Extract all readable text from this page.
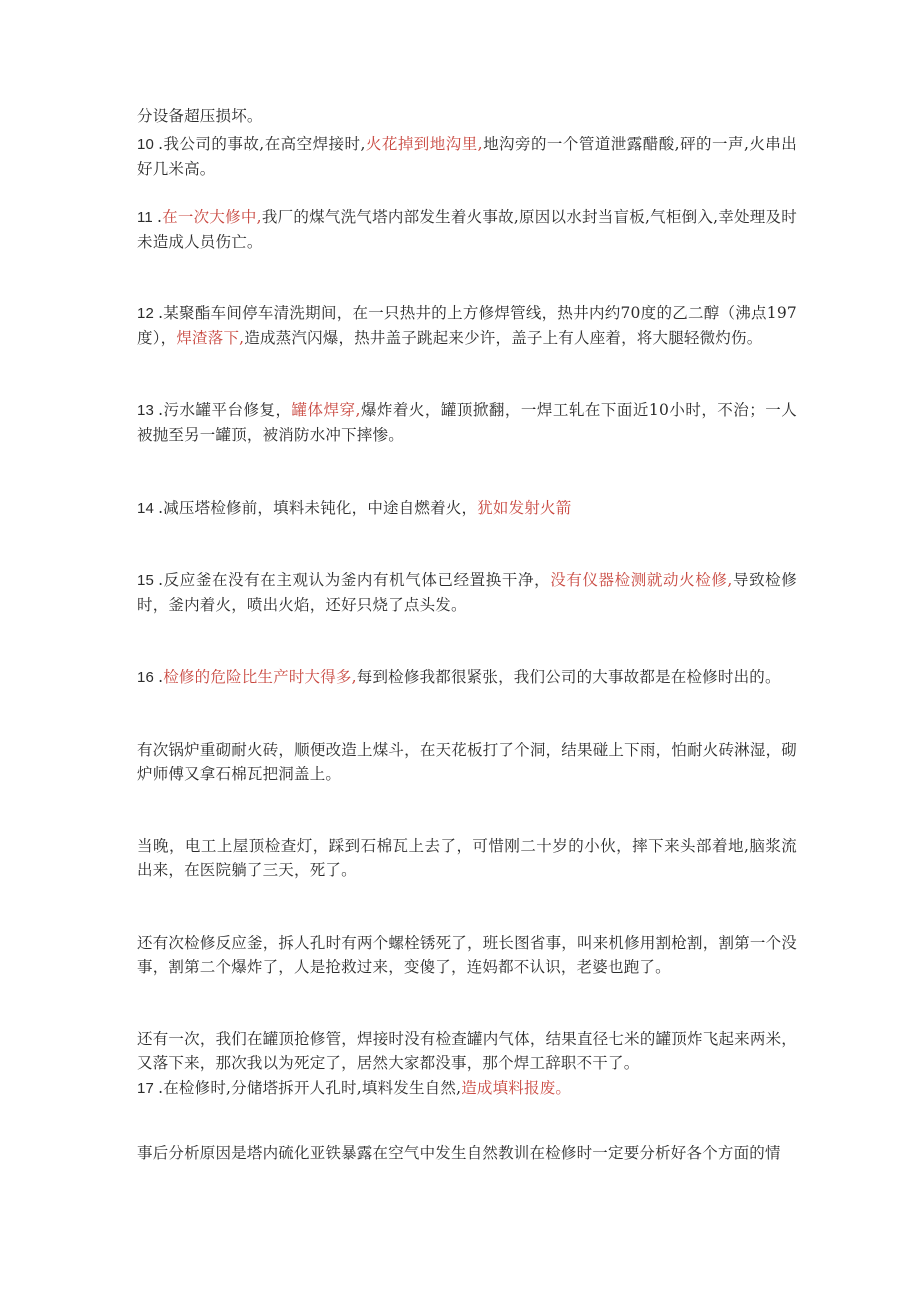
分设备超压损坏。

10 .我公司的事故,在高空焊接时,火花掉到地沟里,地沟旁的一个管道泄露醋酸,砰的一声,火串出好几米高。

11 .在一次大修中,我厂的煤气洗气塔内部发生着火事故,原因以水封当盲板,气柜倒入,幸处理及时未造成人员伤亡。

12 .某聚酯车间停车清洗期间，在一只热井的上方修焊管线，热井内约70度的乙二醇（沸点197度），焊渣落下,造成蒸汽闪爆，热井盖子跳起来少许，盖子上有人座着，将大腿轻微灼伤。

13 .污水罐平台修复，罐体焊穿,爆炸着火，罐顶掀翻，一焊工轧在下面近10小时，不治；一人被抛至另一罐顶，被消防水冲下摔惨。

14 .减压塔检修前，填料未钝化，中途自燃着火，犹如发射火箭

15 .反应釜在没有在主观认为釜内有机气体已经置换干净，没有仪器检测就动火检修,导致检修时，釜内着火，喷出火焰，还好只烧了点头发。

16 .检修的危险比生产时大得多,每到检修我都很紧张，我们公司的大事故都是在检修时出的。

有次锅炉重砌耐火砖，顺便改造上煤斗，在天花板打了个洞，结果碰上下雨，怕耐火砖淋湿，砌炉师傅又拿石棉瓦把洞盖上。

当晚，电工上屋顶检查灯，踩到石棉瓦上去了，可惜刚二十岁的小伙，摔下来头部着地,脑浆流出来，在医院躺了三天，死了。

还有次检修反应釜，拆人孔时有两个螺栓锈死了，班长图省事，叫来机修用割枪割，割第一个没事，割第二个爆炸了，人是抢救过来，变傻了，连妈都不认识，老婆也跑了。

还有一次，我们在罐顶抢修管，焊接时没有检查罐内气体，结果直径七米的罐顶炸飞起来两米，又落下来，那次我以为死定了，居然大家都没事，那个焊工辞职不干了。

17 .在检修时,分储塔拆开人孔时,填料发生自然,造成填料报废。

事后分析原因是塔内硫化亚铁暴露在空气中发生自然教训在检修时一定要分析好各个方面的情
